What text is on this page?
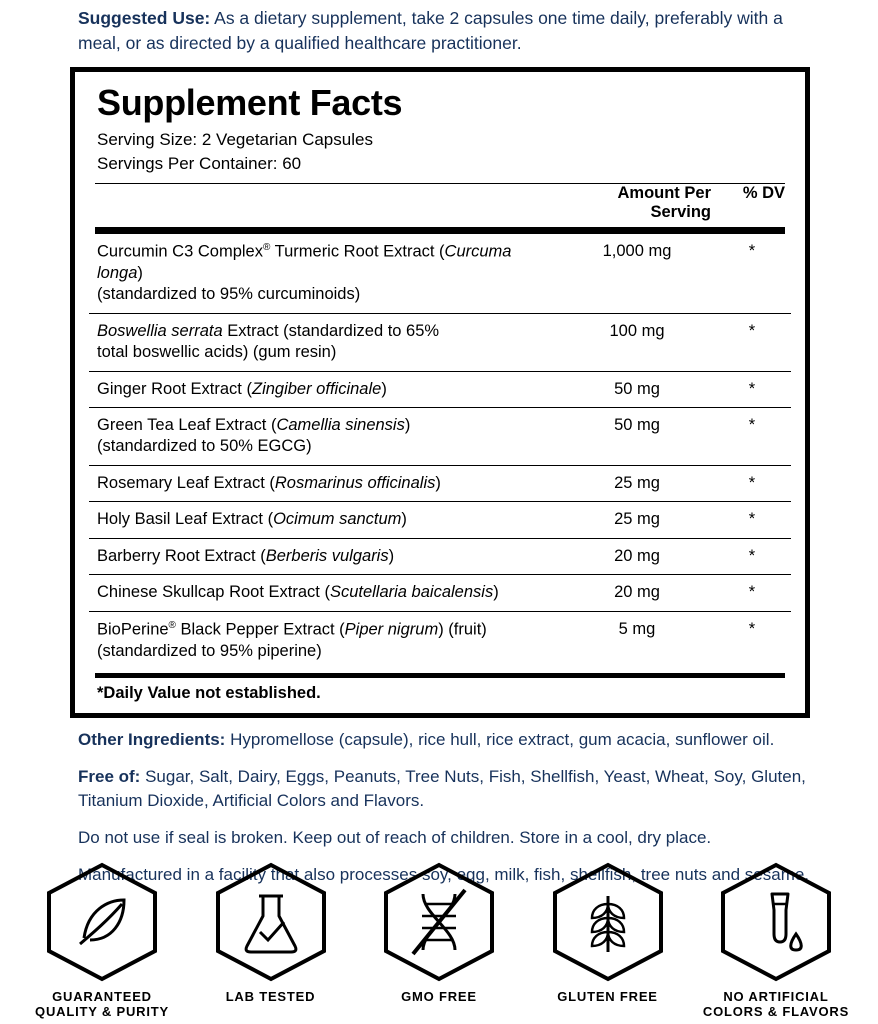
Suggested Use: As a dietary supplement, take 2 capsules one time daily, preferably with a meal, or as directed by a qualified healthcare practitioner.
Supplement Facts
Serving Size: 2 Vegetarian Capsules
Servings Per Container: 60
	Amount Per Serving	% DV
Curcumin C3 Complex® Turmeric Root Extract (Curcuma longa)
(standardized to 95% curcuminoids)	1,000 mg	*
Boswellia serrata Extract (standardized to 65%
total boswellic acids) (gum resin)	100 mg	*
Ginger Root Extract (Zingiber officinale)	50 mg	*
Green Tea Leaf Extract (Camellia sinensis)
(standardized to 50% EGCG)	50 mg	*
Rosemary Leaf Extract (Rosmarinus officinalis)	25 mg	*
Holy Basil Leaf Extract (Ocimum sanctum)	25 mg	*
Barberry Root Extract (Berberis vulgaris)	20 mg	*
Chinese Skullcap Root Extract (Scutellaria baicalensis)	20 mg	*
BioPerine® Black Pepper Extract (Piper nigrum) (fruit)
(standardized to 95% piperine)	5 mg	*
*Daily Value not established.

Other Ingredients: Hypromellose (capsule), rice hull, rice extract, gum acacia, sunflower oil.

Free of: Sugar, Salt, Dairy, Eggs, Peanuts, Tree Nuts, Fish, Shellfish, Yeast, Wheat, Soy, Gluten, Titanium Dioxide, Artificial Colors and Flavors.

Do not use if seal is broken. Keep out of reach of children. Store in a cool, dry place.

Manufactured in a facility that also processes soy, egg, milk, fish, shellfish, tree nuts and sesame.

GUARANTEED
QUALITY & PURITY
LAB TESTED	GMO FREE	GLUTEN FREE	NO ARTIFICIAL
COLORS & FLAVORS
